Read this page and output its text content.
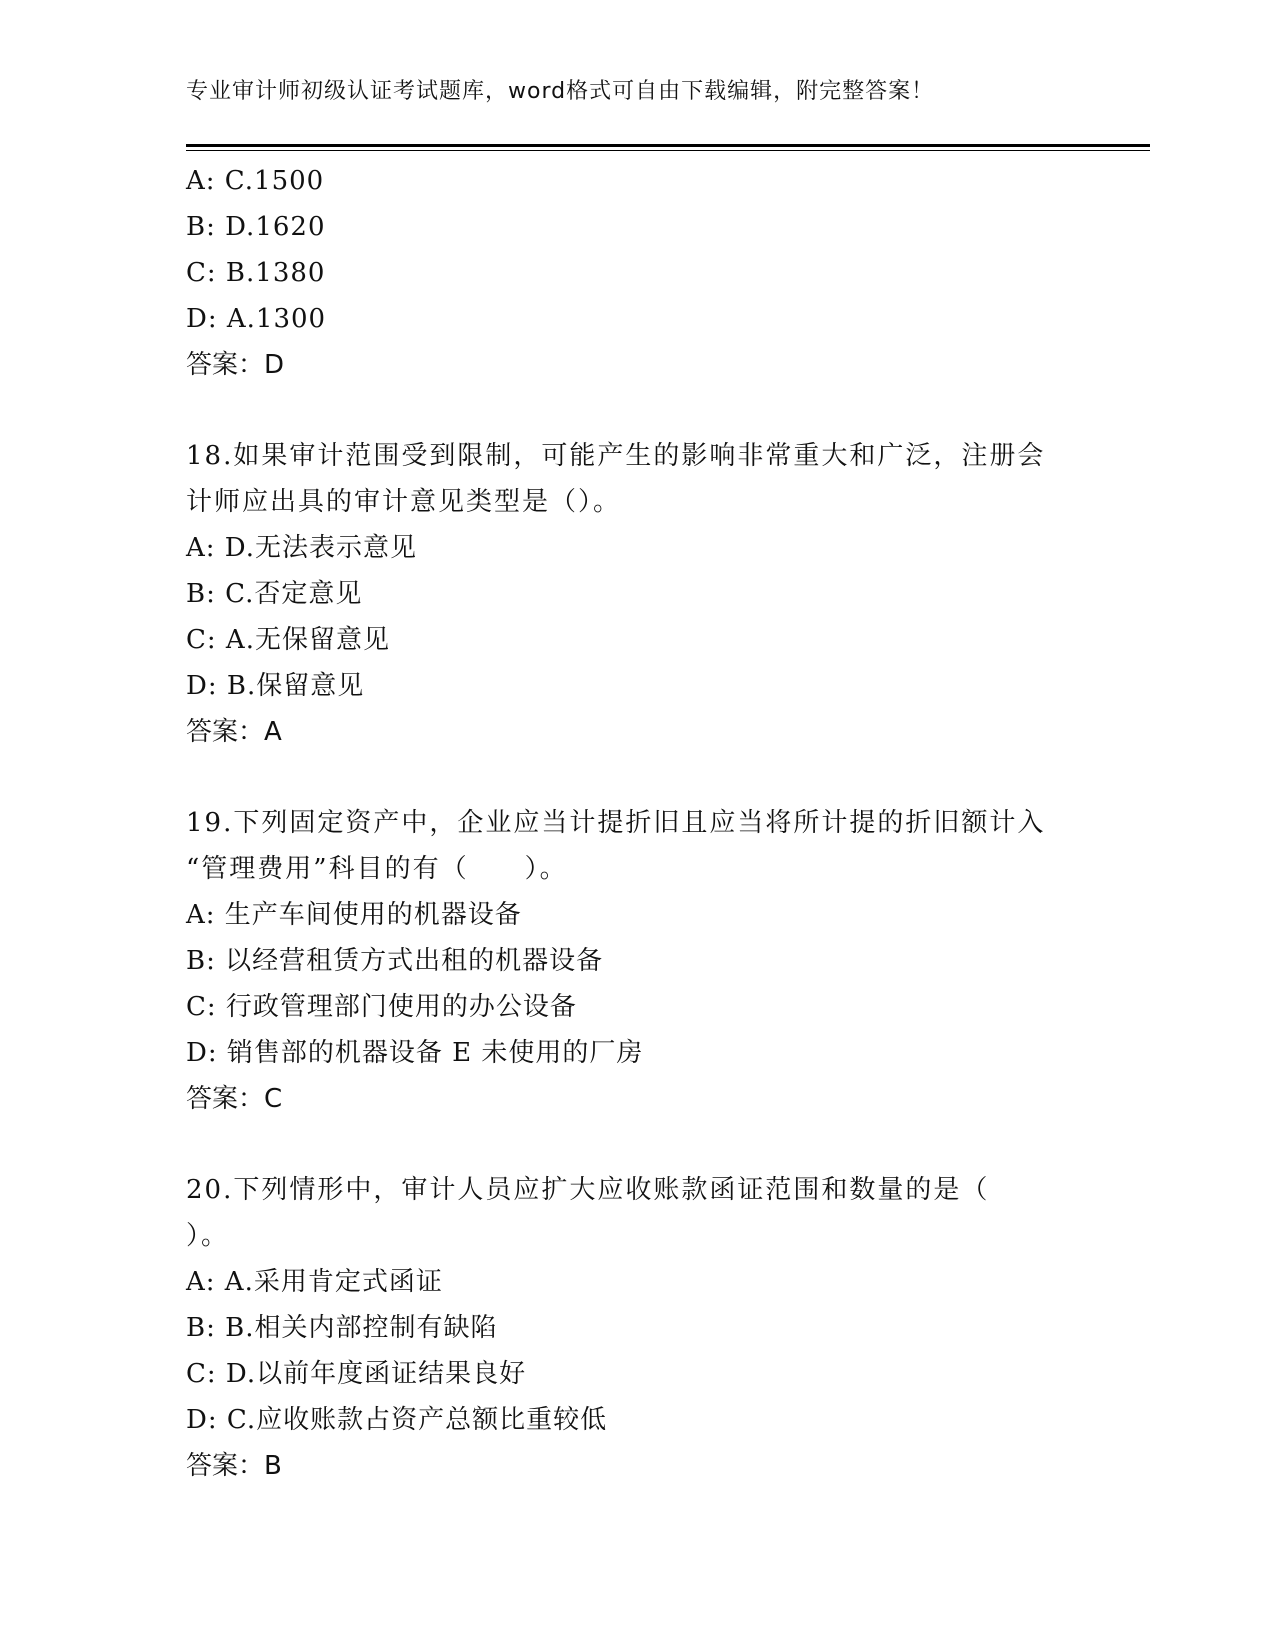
专业审计师初级认证考试题库，word格式可自由下载编辑，附完整答案！
A: C.1500
B: D.1620
C: B.1380
D: A.1300
答案：D
18.如果审计范围受到限制，可能产生的影响非常重大和广泛，注册会
计师应出具的审计意见类型是（）。
A: D.无法表示意见
B: C.否定意见
C: A.无保留意见
D: B.保留意见
答案：A
19.下列固定资产中，企业应当计提折旧且应当将所计提的折旧额计入
“管理费用”科目的有（　　）。
A: 生产车间使用的机器设备
B: 以经营租赁方式出租的机器设备
C: 行政管理部门使用的办公设备
D: 销售部的机器设备 E 未使用的厂房
答案：C
20.下列情形中，审计人员应扩大应收账款函证范围和数量的是（
）。
A: A.采用肯定式函证
B: B.相关内部控制有缺陷
C: D.以前年度函证结果良好
D: C.应收账款占资产总额比重较低
答案：B
